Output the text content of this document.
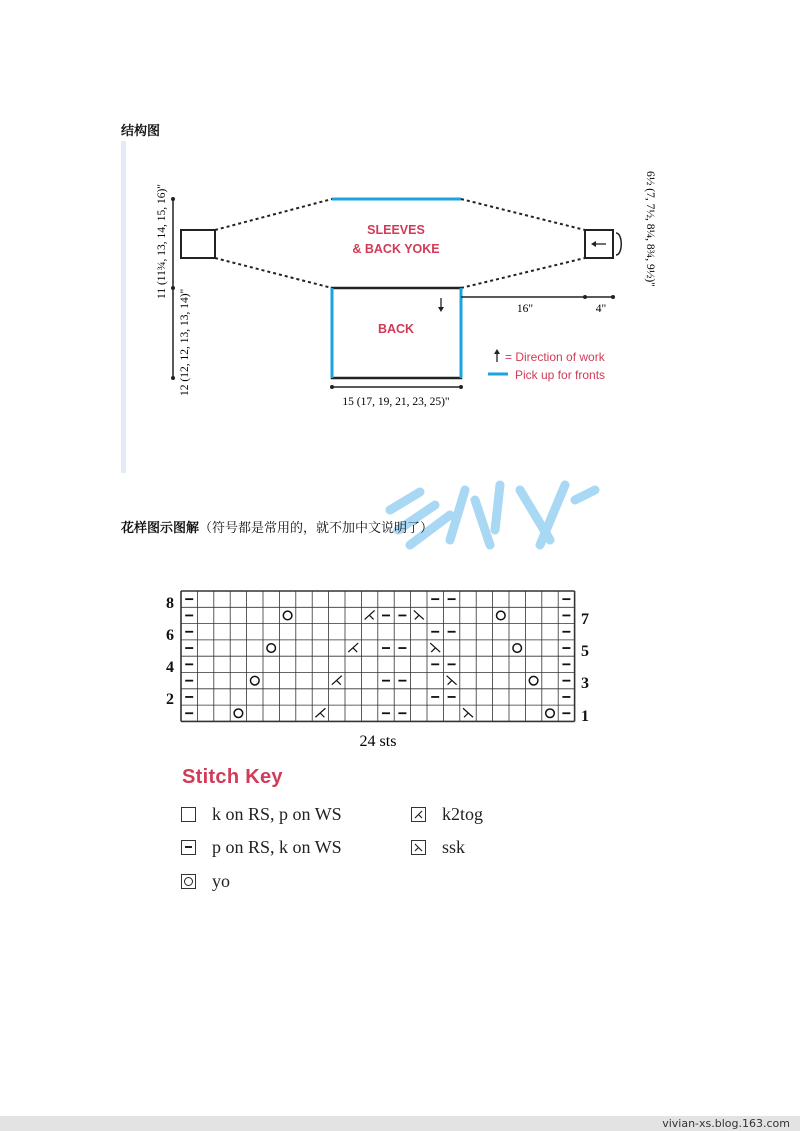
结构图
SLEEVES
& BACK YOKE
BACK
11 (11¾, 13, 14, 15, 16)"
12 (12, 12, 13, 13, 14)"
15 (17, 19, 21, 23, 25)"
16"	4"
6½ (7, 7½, 8¼, 8¾, 9½)"
= Direction of work
Pick up for fronts
花样图示图解（符号都是常用的，就不加中文说明了）
8
6
4
2
7
5
3
1
24 sts
Stitch Key
k on RS, p on WS
p on RS, k on WS
yo
k2tog
ssk
vivian-xs.blog.163.com
